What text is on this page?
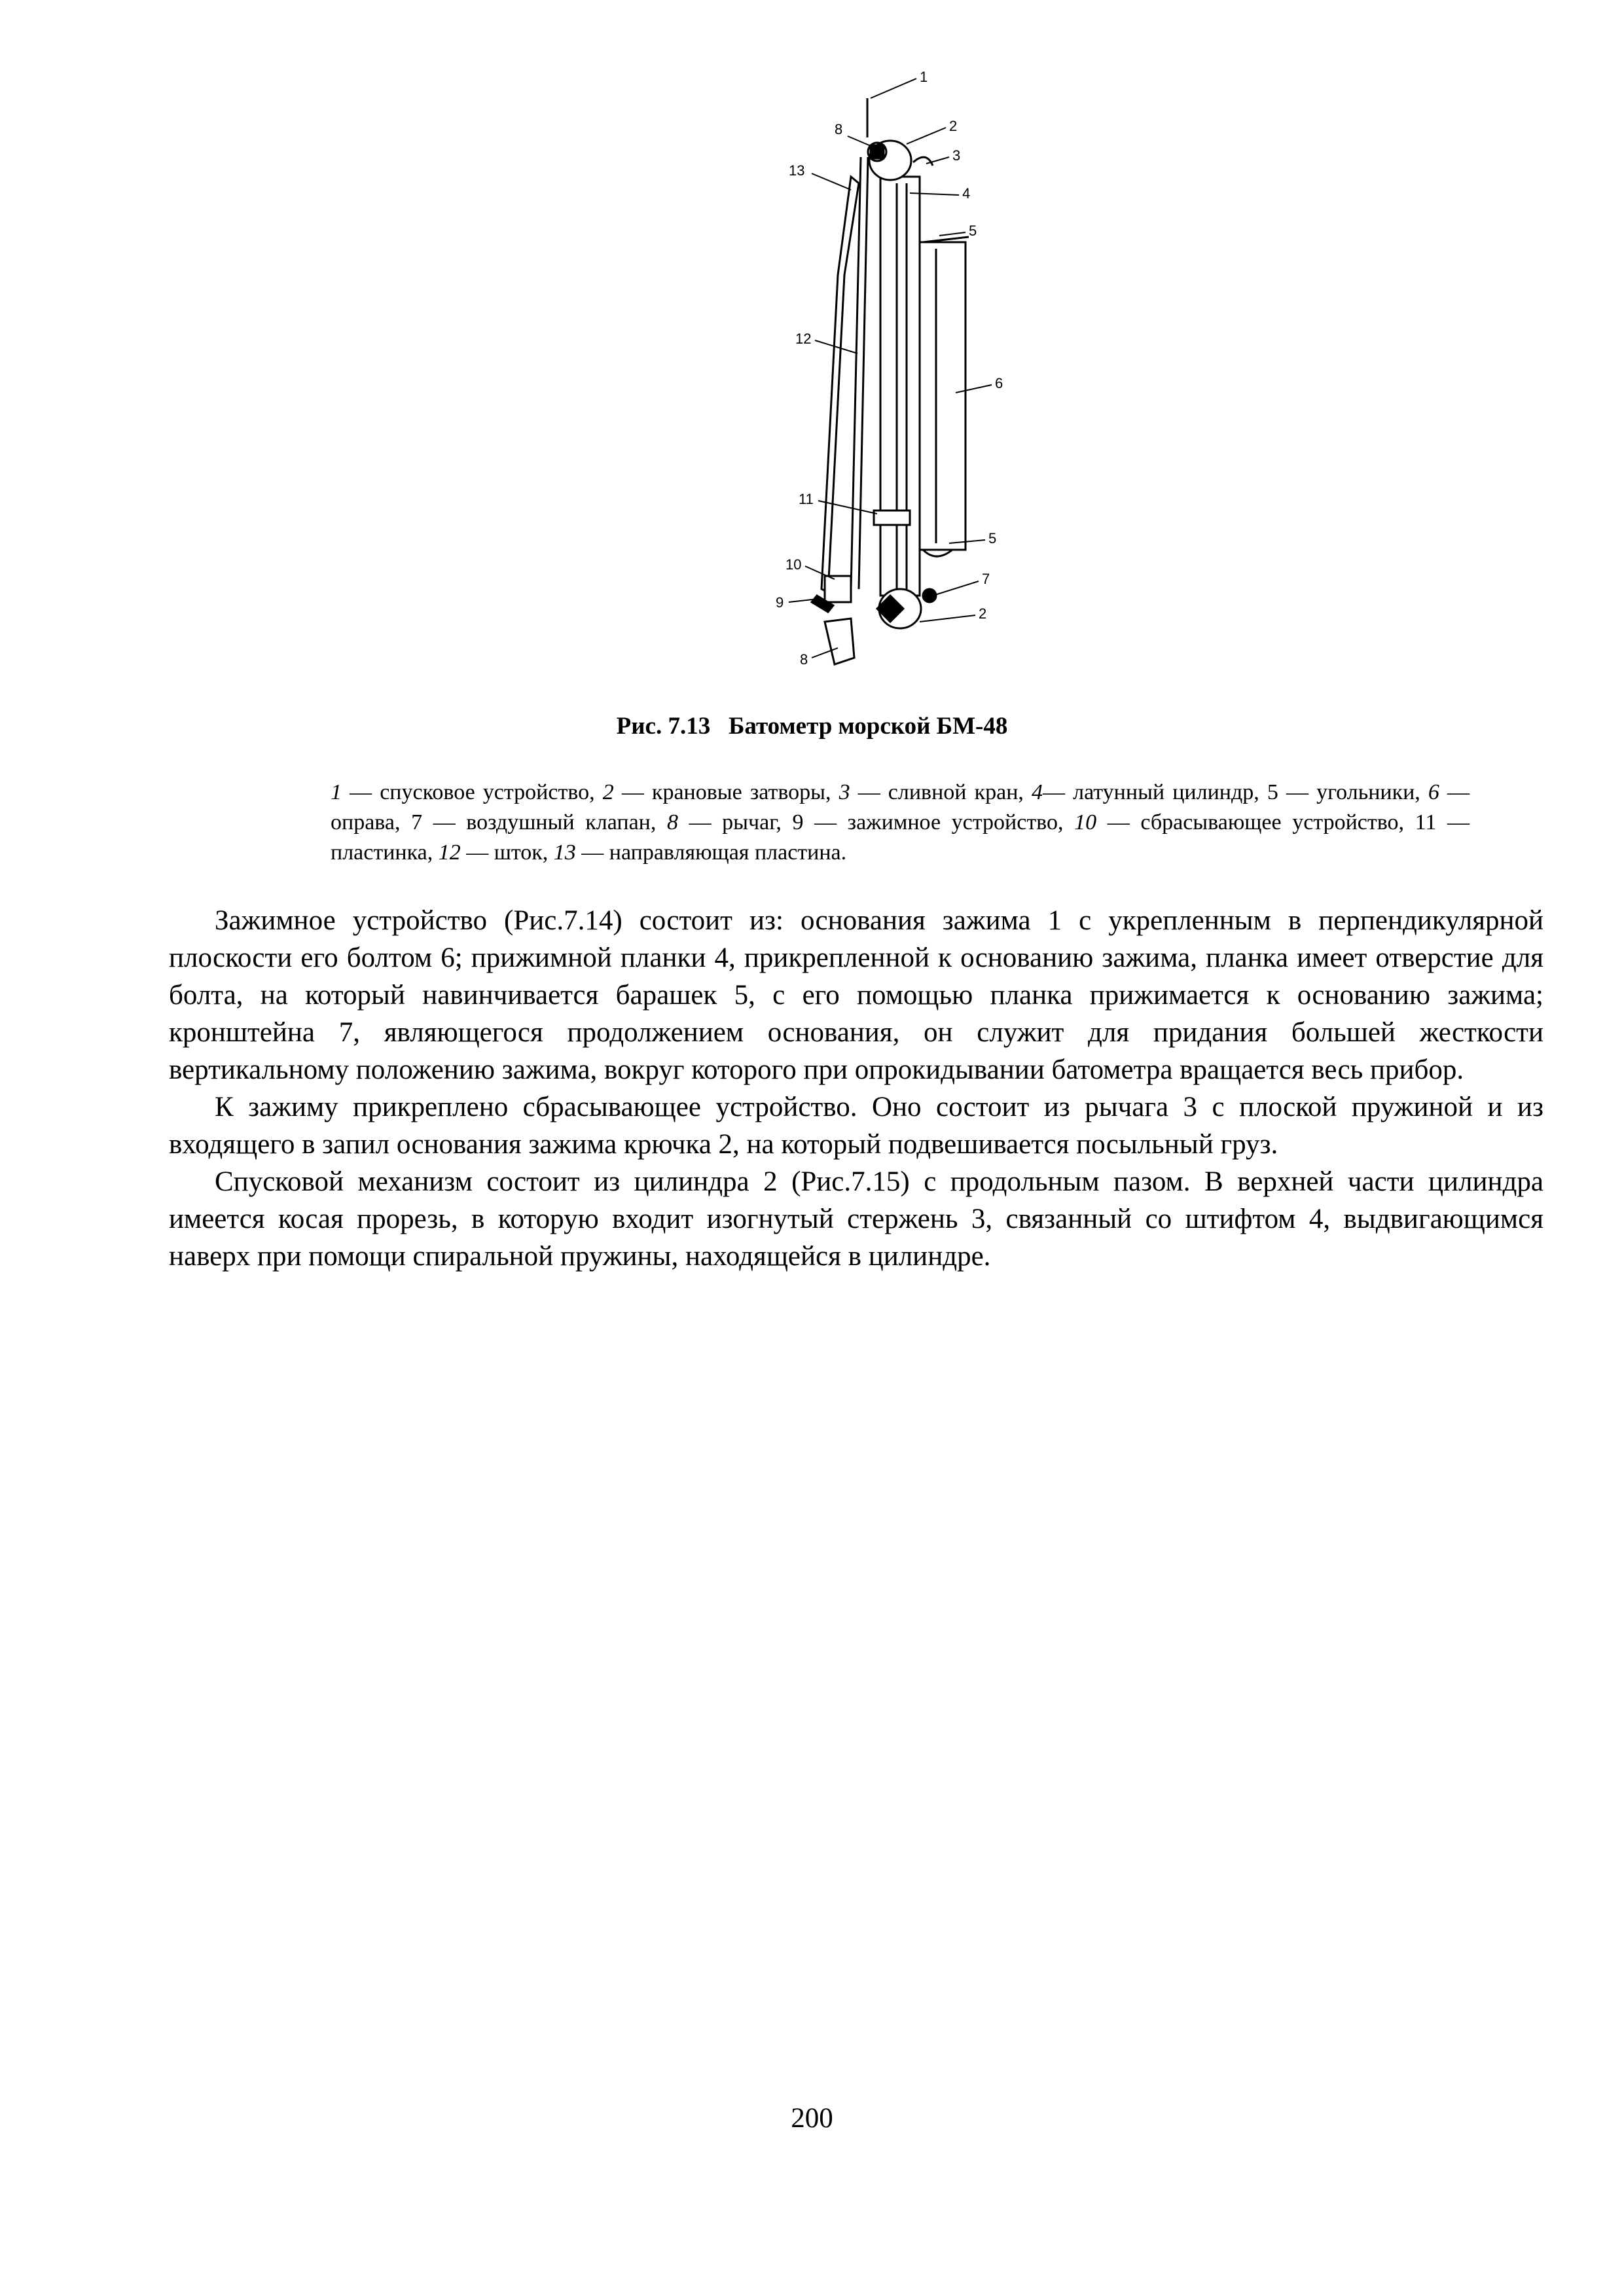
1
2
3
4
5
6
5
7
2
8
9
10
11
12
13
8
Рис. 7.13 Батометр морской БМ-48
1 — спусковое устройство, 2 — крановые затворы, 3 — сливной кран, 4— латунный цилиндр, 5 — угольники, 6 — оправа, 7 — воздушный клапан, 8 — рычаг, 9 — зажимное устройство, 10 — сбрасывающее устройство, 11 — пластинка, 12 — шток, 13 — направляющая пластина.

Зажимное устройство (Рис.7.14) состоит из: основания зажима 1 с укрепленным в перпендикулярной плоскости его болтом 6; прижимной планки 4, прикрепленной к основанию зажима, планка имеет отверстие для болта, на который навинчивается барашек 5, с его помощью планка прижимается к основанию зажима; кронштейна 7, являющегося продолжением основания, он служит для придания большей жесткости вертикальному положению зажима, вокруг которого при опрокидывании батометра вращается весь прибор.

К зажиму прикреплено сбрасывающее устройство. Оно состоит из рычага 3 с плоской пружиной и из входящего в запил основания зажима крючка 2, на который подвешивается посыльный груз.

Спусковой механизм состоит из цилиндра 2 (Рис.7.15) с продольным пазом. В верхней части цилиндра имеется косая прорезь, в которую входит изогнутый стержень 3, связанный со штифтом 4, выдвигающимся наверх при помощи спиральной пружины, находящейся в цилиндре.

200
